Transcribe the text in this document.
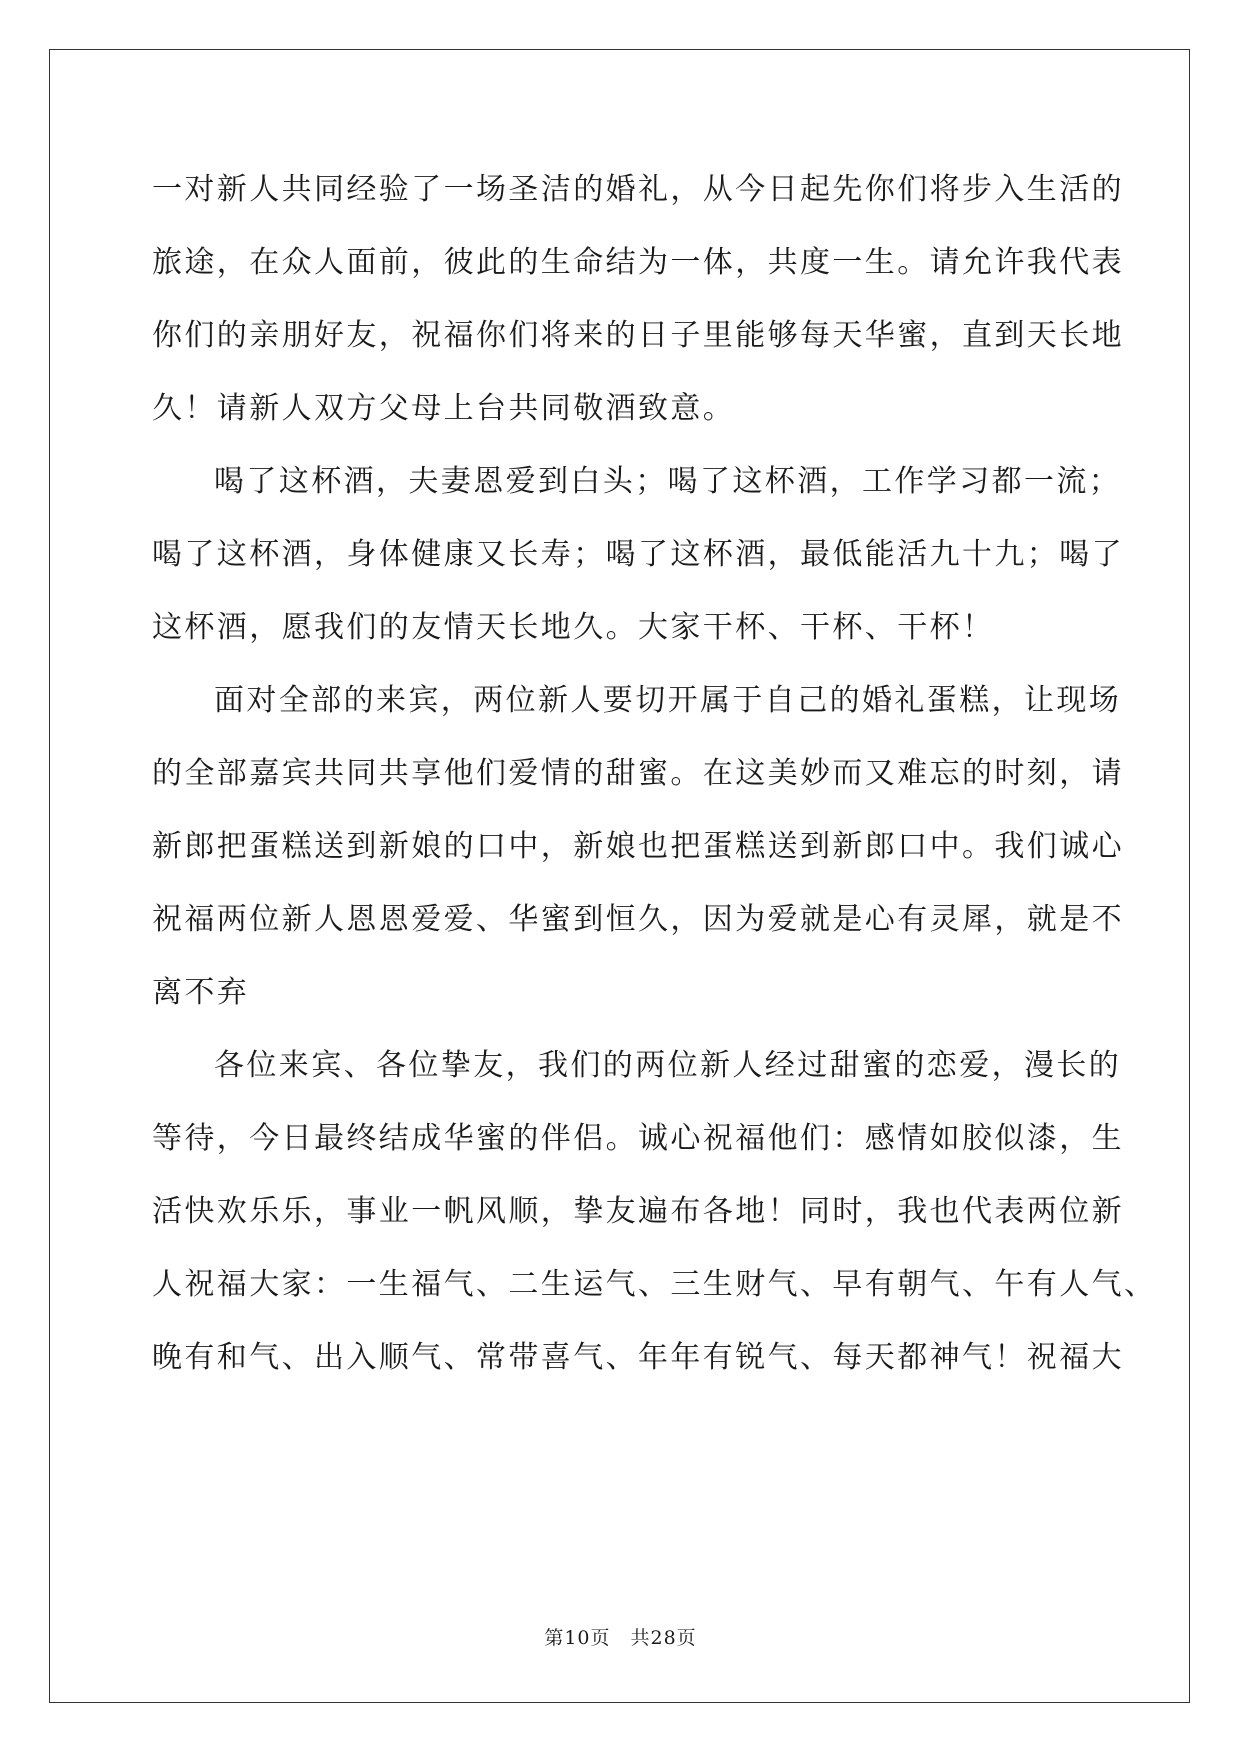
一对新人共同经验了一场圣洁的婚礼，从今日起先你们将步入生活的
旅途，在众人面前，彼此的生命结为一体，共度一生。请允许我代表
你们的亲朋好友，祝福你们将来的日子里能够每天华蜜，直到天长地
久！请新人双方父母上台共同敬酒致意。
喝了这杯酒，夫妻恩爱到白头；喝了这杯酒，工作学习都一流；
喝了这杯酒，身体健康又长寿；喝了这杯酒，最低能活九十九；喝了
这杯酒，愿我们的友情天长地久。大家干杯、干杯、干杯！
面对全部的来宾，两位新人要切开属于自己的婚礼蛋糕，让现场
的全部嘉宾共同共享他们爱情的甜蜜。在这美妙而又难忘的时刻，请
新郎把蛋糕送到新娘的口中，新娘也把蛋糕送到新郎口中。我们诚心
祝福两位新人恩恩爱爱、华蜜到恒久，因为爱就是心有灵犀，就是不
离不弃
各位来宾、各位挚友，我们的两位新人经过甜蜜的恋爱，漫长的
等待，今日最终结成华蜜的伴侣。诚心祝福他们：感情如胶似漆，生
活快欢乐乐，事业一帆风顺，挚友遍布各地！同时，我也代表两位新
人祝福大家：一生福气、二生运气、三生财气、早有朝气、午有人气、
晚有和气、出入顺气、常带喜气、年年有锐气、每天都神气！祝福大
第10页 共28页
